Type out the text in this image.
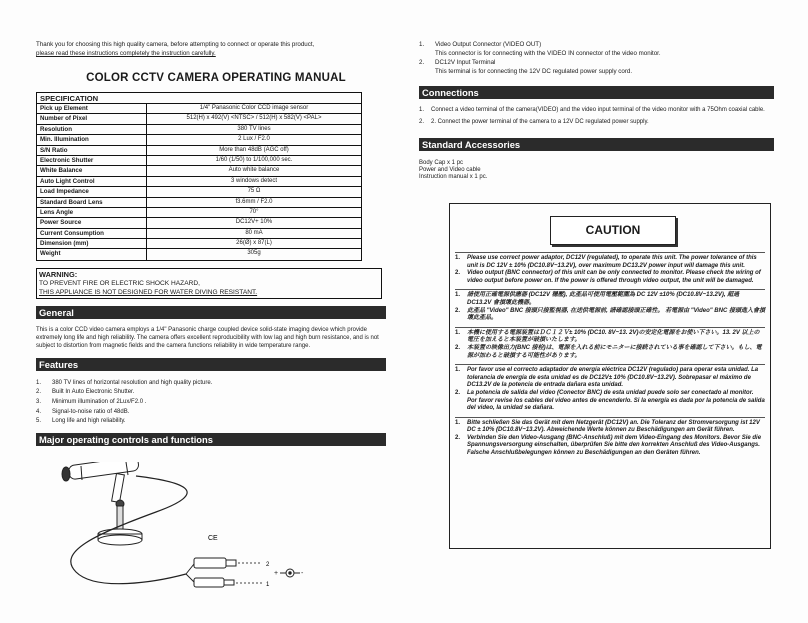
Thank you for choosing this high quality camera, before attempting to connect or operate this product,
please read these instructions completely the instruction carefully.
COLOR CCTV CAMERA OPERATING MANUAL
SPECIFICATION
Pick up Element	1/4" Panasonic Color CCD image sensor
Number of Pixel	512(H) x 492(V) <NTSC> / 512(H) x 582(V) <PAL>
Resolution	380 TV lines
Min. Illumination	2 Lux / F2.0
S/N Ratio	More than 48dB (AGC off)
Electronic Shutter	1/60 (1/50) to 1/100,000 sec.
White Balance	Auto white balance
Auto Light Control	3 windows detect
Load Impedance	75 Ω
Standard Board Lens	f3.6mm / F2.0
Lens Angle	70°
Power Source	DC12V+ 10%
Current Consumption	80 mA
Dimension (mm)	26(Ø) x 87(L)
Weight	305g
WARNING:
TO PREVENT FIRE OR ELECTRIC SHOCK HAZARD,
THIS APPLIANCE IS NOT DESIGNED FOR WATER DIVING RESISTANT.
General
This is a color CCD video camera employs a 1/4" Panasonic charge coupled device solid-state imaging device which provide extremely long life and high reliability. The camera offers excellent reproducibility with low lag and high burn resistance, and is not subject to distortion from magnetic fields and the camera functions reliability in wide temperature range.
Features
1.	380 TV lines of horizontal resolution and high quality picture.
2.	Built In Auto Electronic Shutter.
3.	Minimum illumination of 2Lux/F2.0 .
4.	Signal-to-noise ratio of 48dB.
5.	Long life and high reliability.
Major operating controls and functions
2
1
CE
+	-
1.	Video Output Connector (VIDEO OUT)
This connector is for connecting with the VIDEO IN connector of the video monitor.
2.	DC12V Input Terminal
This terminal is for connecting the 12V DC regulated power supply cord.
Connections
1.	Connect a video terminal of the camera(VIDEO) and the video input terminal of the video monitor with a 75Ohm coaxial cable.
2.	2. Connect the power terminal of the camera to a 12V DC regulated power supply.
Standard Accessories
Body Cap x 1 pc
Power and Video cable
Instruction manual x 1 pc.
CAUTION
1.	Please use correct power adaptor, DC12V (regulated), to operate this unit. The power tolerance of this unit is DC 12V ± 10% (DC10.8V~13.2V), over maximum DC13.2V power input will damage this unit.
2.	Video output (BNC connector) of this unit can be only connected to monitor. Please check the wiring of video output before power on. If the power is offered through video output, the unit will be damaged.
1.	請使用正確電源供應器 (DC12V 穩壓), 此產品可使用電壓範圍為 DC 12V ±10% (DC10.8V~13.2V), 超過 DC13.2V 會損壞此機器。
2.	此產品 "Video" BNC 接頭只接監視器, 在送供電源前, 請確認接頭正確性。 若電源由 "Video" BNC 接頭進入會損壞此產品。
1.	本機に使用する電源装置はＤＣ１２Ｖ± 10% (DC10. 8V~13. 2V)の安定化電源をお使い下さい。13. 2V 以上の電圧を加えると本装置が破損いたします。
2.	本装置の映像出力(BNC 接栓)は、電源を入れる前にモニターに接続されている事を確認して下さい。もし、電源が加わると破損する可能性があります。
1.	Por favor use el correcto adaptador de energía eléctrica DC12V (regulado) para operar esta unidad. La tolerancia de energía de esta unidad es de DC12V± 10% (DC10.8V~13.2V). Sobrepasar el máximo de DC13.2V de la potencia de entrada dañara esta unidad.
2.	La potencia de salida del video (Conector BNC) de esta unidad puede solo ser conectado al monitor. Por favor revise los cables del video antes de encenderlo. Si la energía es dada por la potencia de salida del video, la unidad se dañara.
1.	Bitte schließen Sie das Gerät mit dem Netzgerät (DC12V) an. Die Toleranz der Stromversorgung ist 12V DC ± 10% (DC10.8V~13.2V). Abweichende Werte können zu Beschädigungen am Gerät führen.
2.	Verbinden Sie den Video-Ausgang (BNC-Anschluß) mit dem Video-Eingang des Monitors. Bevor Sie die Spannungsversorgung einschalten, überprüfen Sie bitte den korrekten Anschluß des Video-Ausgangs. Falsche Anschlußbelegungen können zu Beschädigungen an den Geräten führen.
